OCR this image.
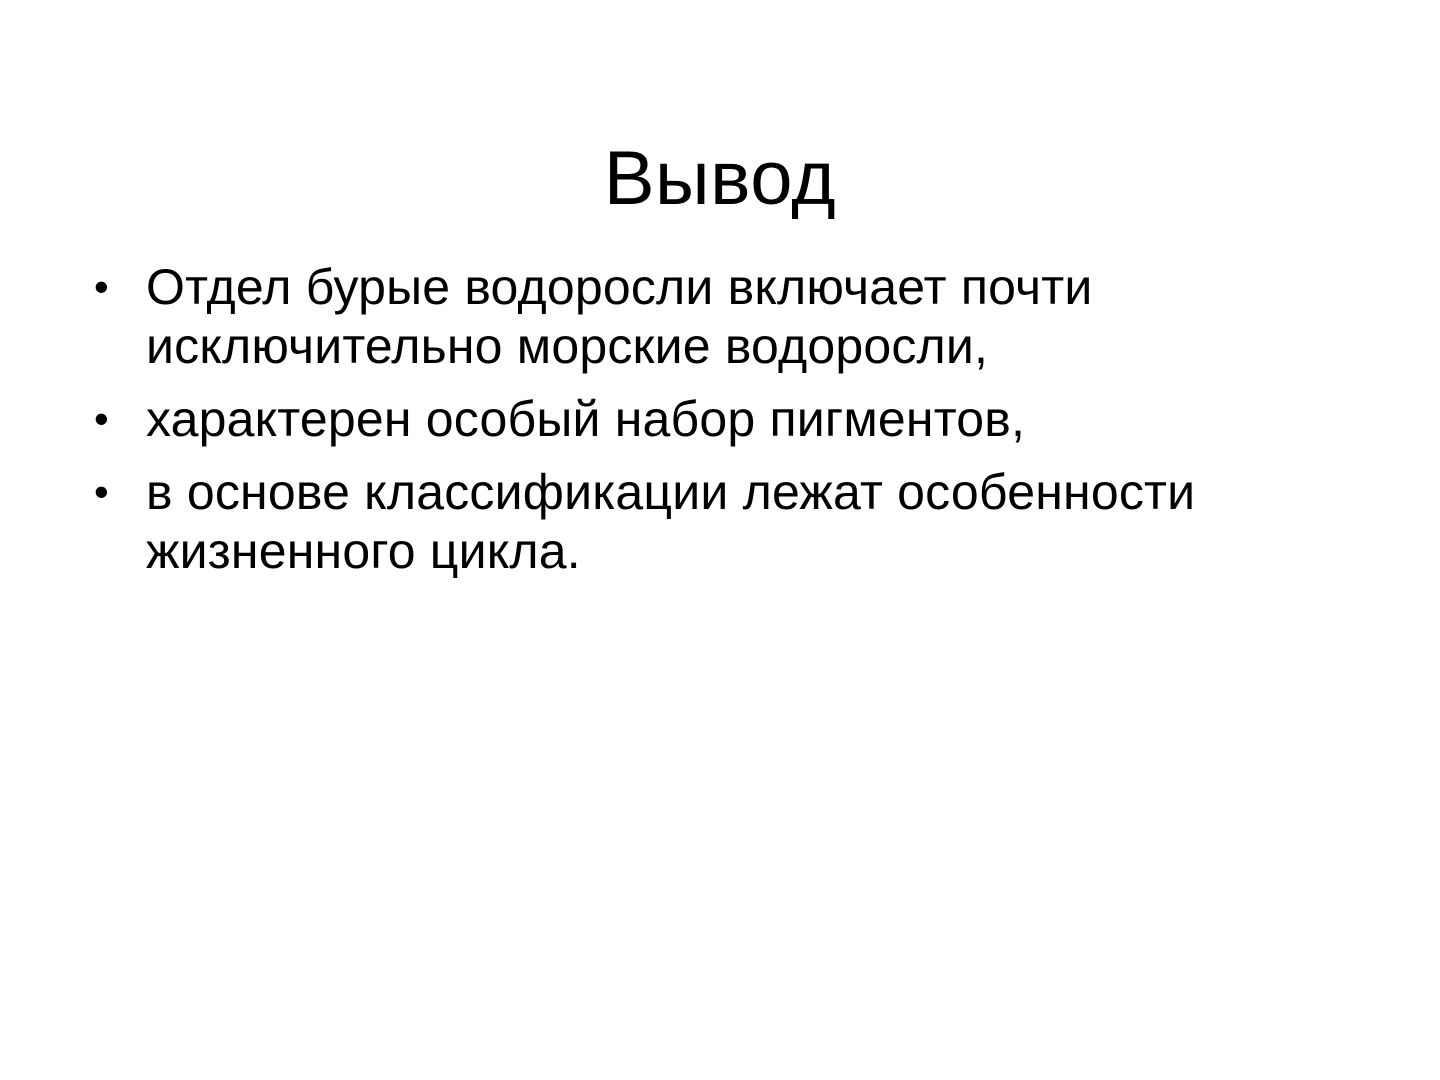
Вывод
• Отдел бурые водоросли включает почти исключительно морские водоросли,
• характерен особый набор пигментов,
• в основе классификации лежат особенности жизненного цикла.
